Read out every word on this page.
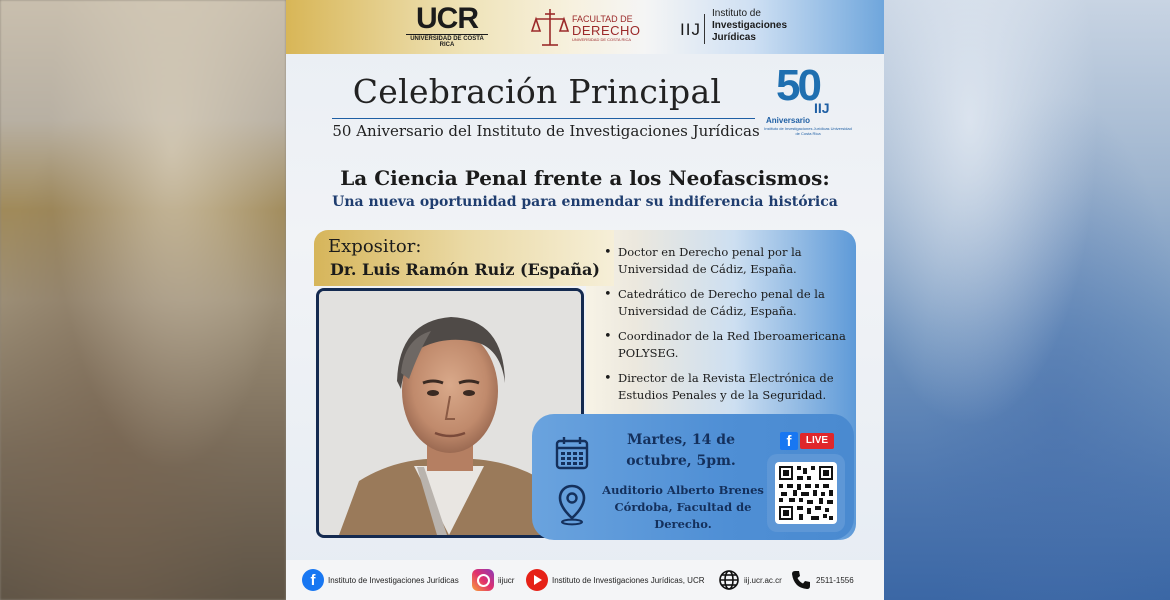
UCR
UNIVERSIDAD DE COSTA RICA
FACULTAD DE
DERECHO
UNIVERSIDAD DE COSTA RICA
IIJ
Instituto de
Investigaciones
Jurídicas
Celebración Principal
50 Aniversario del Instituto de Investigaciones Jurídicas
50
IIJ
Aniversario
Instituto de Investigaciones Jurídicas Universidad de Costa Rica
La Ciencia Penal frente a los Neofascismos:
Una nueva oportunidad para enmendar su indiferencia histórica
Expositor:
Dr. Luis Ramón Ruiz (España)
• Doctor en Derecho penal por la Universidad de Cádiz, España.
• Catedrático de Derecho penal de la Universidad de Cádiz, España.
• Coordinador de la Red Iberoamericana POLYSEG.
• Director de la Revista Electrónica de Estudios Penales y de la Seguridad.
Martes, 14 de octubre, 5pm.
Auditorio Alberto Brenes Córdoba, Facultad de Derecho.
f	LIVE
f	Instituto de Investigaciones Jurídicas	iijucr	Instituto de Investigaciones Jurídicas, UCR	iij.ucr.ac.cr	2511-1556
